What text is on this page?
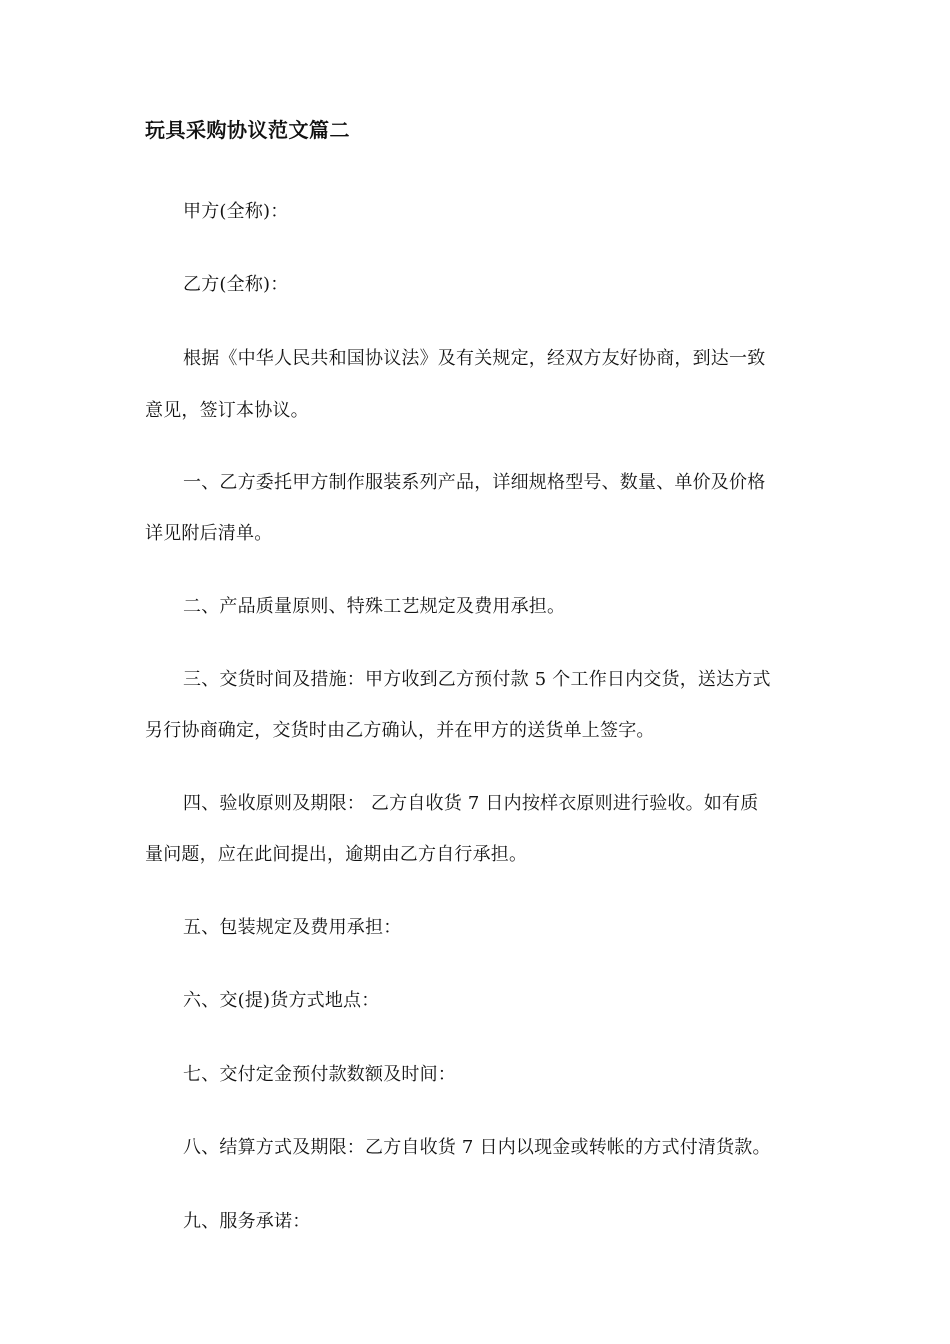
玩具采购协议范文篇二
甲方(全称)：
乙方(全称)：
根据《中华人民共和国协议法》及有关规定，经双方友好协商，到达一致
意见，签订本协议。
一、乙方委托甲方制作服装系列产品，详细规格型号、数量、单价及价格
详见附后清单。
二、产品质量原则、特殊工艺规定及费用承担。
三、交货时间及措施：甲方收到乙方预付款 5 个工作日内交货，送达方式
另行协商确定，交货时由乙方确认，并在甲方的送货单上签字。
四、验收原则及期限： 乙方自收货 7 日内按样衣原则进行验收。如有质
量问题，应在此间提出，逾期由乙方自行承担。
五、包装规定及费用承担：
六、交(提)货方式地点：
七、交付定金预付款数额及时间：
八、结算方式及期限：乙方自收货 7 日内以现金或转帐的方式付清货款。
九、服务承诺：
